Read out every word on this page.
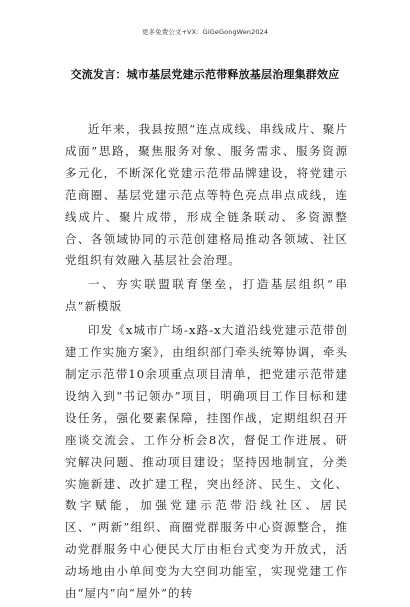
更多免费公文+VX：GiGeGongWen2024
交流发言：城市基层党建示范带释放基层治理集群效应

近年来，我县按照“连点成线、串线成片、聚片成面”思路，聚焦服务对象、服务需求、服务资源多元化，不断深化党建示范带品牌建设，将党建示范商圈、基层党建示范点等特色亮点串点成线，连线成片、聚片成带，形成全链条联动、多资源整合、各领域协同的示范创建格局推动各领域、社区党组织有效融入基层社会治理。

一、夯实联盟联育堡垒，打造基层组织“串点”新模版

印发《x城市广场-x路-x大道沿线党建示范带创建工作实施方案》，由组织部门牵头统筹协调，牵头制定示范带10余项重点项目清单，把党建示范带建设纳入到“书记领办”项目，明确项目工作目标和建设任务，强化要素保障，挂图作战，定期组织召开座谈交流会、工作分析会8次，督促工作进展、研究解决问题、推动项目建设；坚持因地制宜，分类实施新建、改扩建工程，突出经济、民生、文化、数字赋能，加强党建示范带沿线社区、居民区、“两新”组织、商圈党群服务中心资源整合，推动党群服务中心便民大厅由柜台式变为开放式，活动场地由小单间变为大空间功能室，实现党建工作由“屋内”向“屋外”的转
